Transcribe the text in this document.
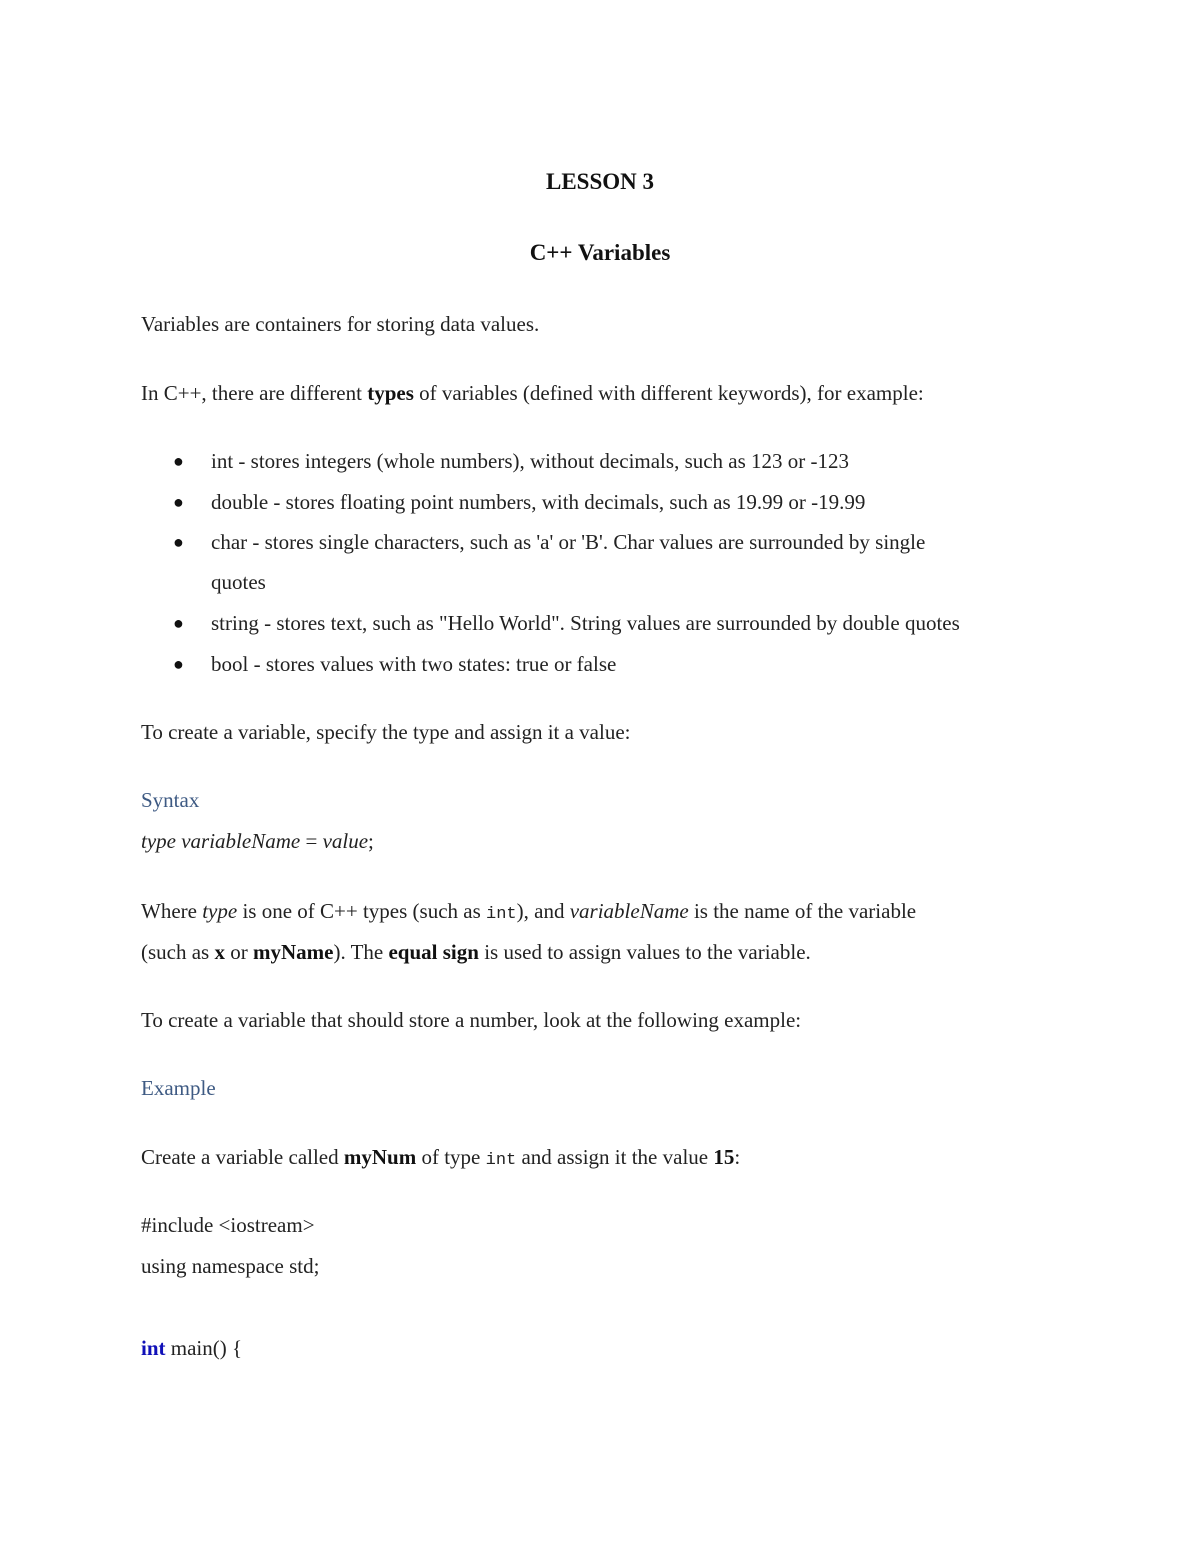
LESSON 3
C++ Variables
Variables are containers for storing data values.
In C++, there are different types of variables (defined with different keywords), for example:
● int - stores integers (whole numbers), without decimals, such as 123 or -123
● double - stores floating point numbers, with decimals, such as 19.99 or -19.99
● char - stores single characters, such as 'a' or 'B'. Char values are surrounded by single
quotes
● string - stores text, such as "Hello World". String values are surrounded by double quotes
● bool - stores values with two states: true or false
To create a variable, specify the type and assign it a value:
Syntax
type variableName = value;
Where type is one of C++ types (such as int), and variableName is the name of the variable
(such as x or myName). The equal sign is used to assign values to the variable.
To create a variable that should store a number, look at the following example:
Example
Create a variable called myNum of type int and assign it the value 15:
#include <iostream>
using namespace std;
int main() {
